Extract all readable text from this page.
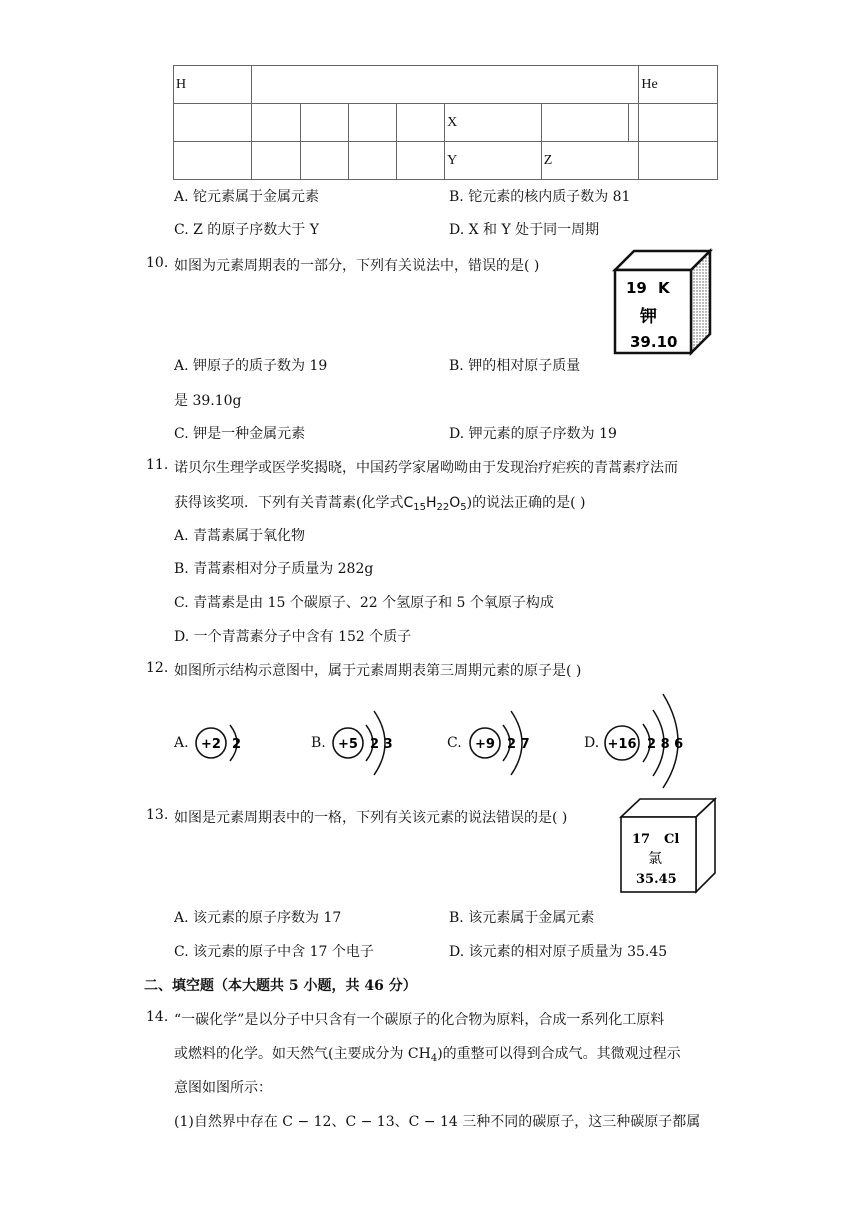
H								He
					X			
					Y	Z		
A. 铊元素属于金属元素	B. 铊元素的核内质子数为 81
C. Z 的原子序数大于 Y	D. X 和 Y 处于同一周期
10. 如图为元素周期表的一部分，下列有关说法中，错误的是( )
19 K
钾
39.10
A. 钾原子的质子数为 19	B. 钾的相对原子质量
是 39.10g
C. 钾是一种金属元素	D. 钾元素的原子序数为 19
11. 诺贝尔生理学或医学奖揭晓，中国药学家屠呦呦由于发现治疗疟疾的青蒿素疗法而
获得该奖项．下列有关青蒿素(化学式$C_{15}H_{22}O_5$)的说法正确的是( )
A. 青蒿素属于氧化物
B. 青蒿素相对分子质量为 282g
C. 青蒿素是由 15 个碳原子、22 个氢原子和 5 个氧原子构成
D. 一个青蒿素分子中含有 152 个质子
12. 如图所示结构示意图中，属于元素周期表第三周期元素的原子是( )
A. +2 2	B. +5 2 3	C. +9 2 7	D. +16 2 8 6
13. 如图是元素周期表中的一格，下列有关该元素的说法错误的是( )
17 Cl
氯
35.45
A. 该元素的原子序数为 17	B. 该元素属于金属元素
C. 该元素的原子中含 17 个电子	D. 该元素的相对原子质量为 35.45
二、填空题（本大题共 5 小题，共 46 分）
14. “一碳化学”是以分子中只含有一个碳原子的化合物为原料，合成一系列化工原料
或燃料的化学。如天然气(主要成分为 $CH_4$)的重整可以得到合成气。其微观过程示
意图如图所示：
(1)自然界中存在 C − 12、C − 13、C − 14 三种不同的碳原子，这三种碳原子都属
